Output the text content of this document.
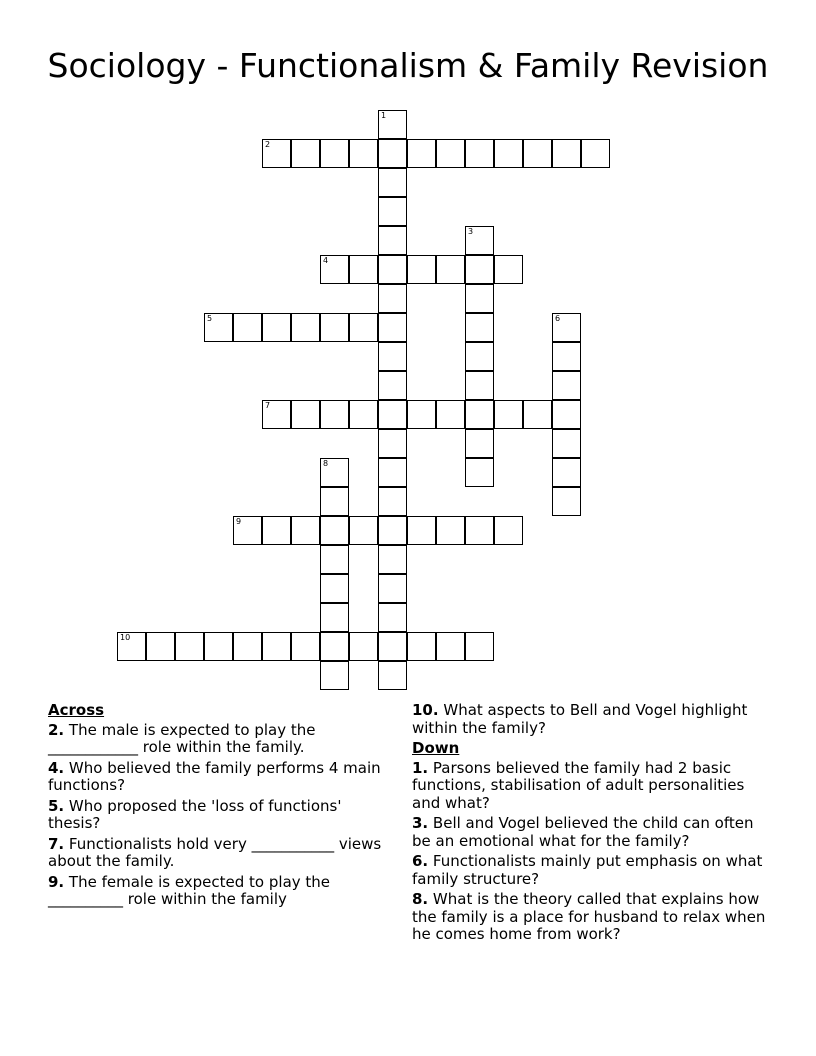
Sociology - Functionalism & Family Revision
1
2
3
4
5	6
7
8
9
10
Across
2. The male is expected to play the ____________ role within the family.
4. Who believed the family performs 4 main functions?
5. Who proposed the 'loss of functions' thesis?
7. Functionalists hold very ___________ views about the family.
9. The female is expected to play the __________ role within the family
10. What aspects to Bell and Vogel highlight within the family?
Down
1. Parsons believed the family had 2 basic functions, stabilisation of adult personalities and what?
3. Bell and Vogel believed the child can often be an emotional what for the family?
6. Functionalists mainly put emphasis on what family structure?
8. What is the theory called that explains how the family is a place for husband to relax when he comes home from work?
